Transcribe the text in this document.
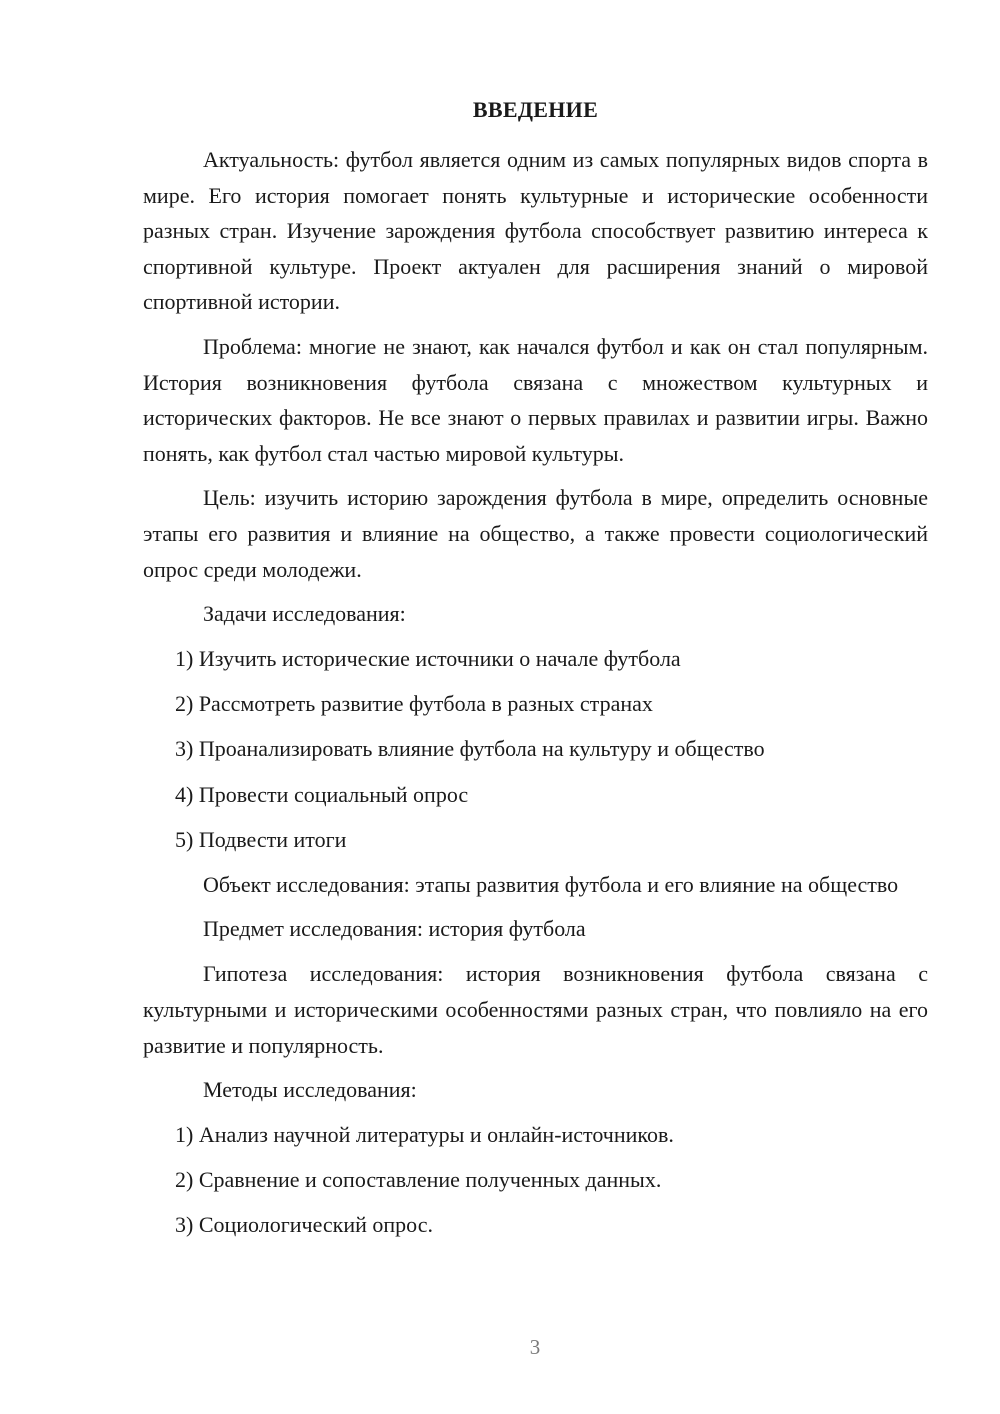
ВВЕДЕНИЕ

Актуальность: футбол является одним из самых популярных видов спорта в мире. Его история помогает понять культурные и исторические особенности разных стран. Изучение зарождения футбола способствует развитию интереса к спортивной культуре. Проект актуален для расширения знаний о мировой спортивной истории.

Проблема: многие не знают, как начался футбол и как он стал популярным. История возникновения футбола связана с множеством культурных и исторических факторов. Не все знают о первых правилах и развитии игры. Важно понять, как футбол стал частью мировой культуры.

Цель: изучить историю зарождения футбола в мире, определить основные этапы его развития и влияние на общество, а также провести социологический опрос среди молодежи.

Задачи исследования:

1) Изучить исторические источники о начале футбола

2) Рассмотреть развитие футбола в разных странах

3) Проанализировать влияние футбола на культуру и общество

4) Провести социальный опрос

5) Подвести итоги

Объект исследования: этапы развития футбола и его влияние на общество

Предмет исследования: история футбола

Гипотеза исследования: история возникновения футбола связана с культурными и историческими особенностями разных стран, что повлияло на его развитие и популярность.

Методы исследования:

1) Анализ научной литературы и онлайн-источников.

2) Сравнение и сопоставление полученных данных.

3) Социологический опрос.

3
